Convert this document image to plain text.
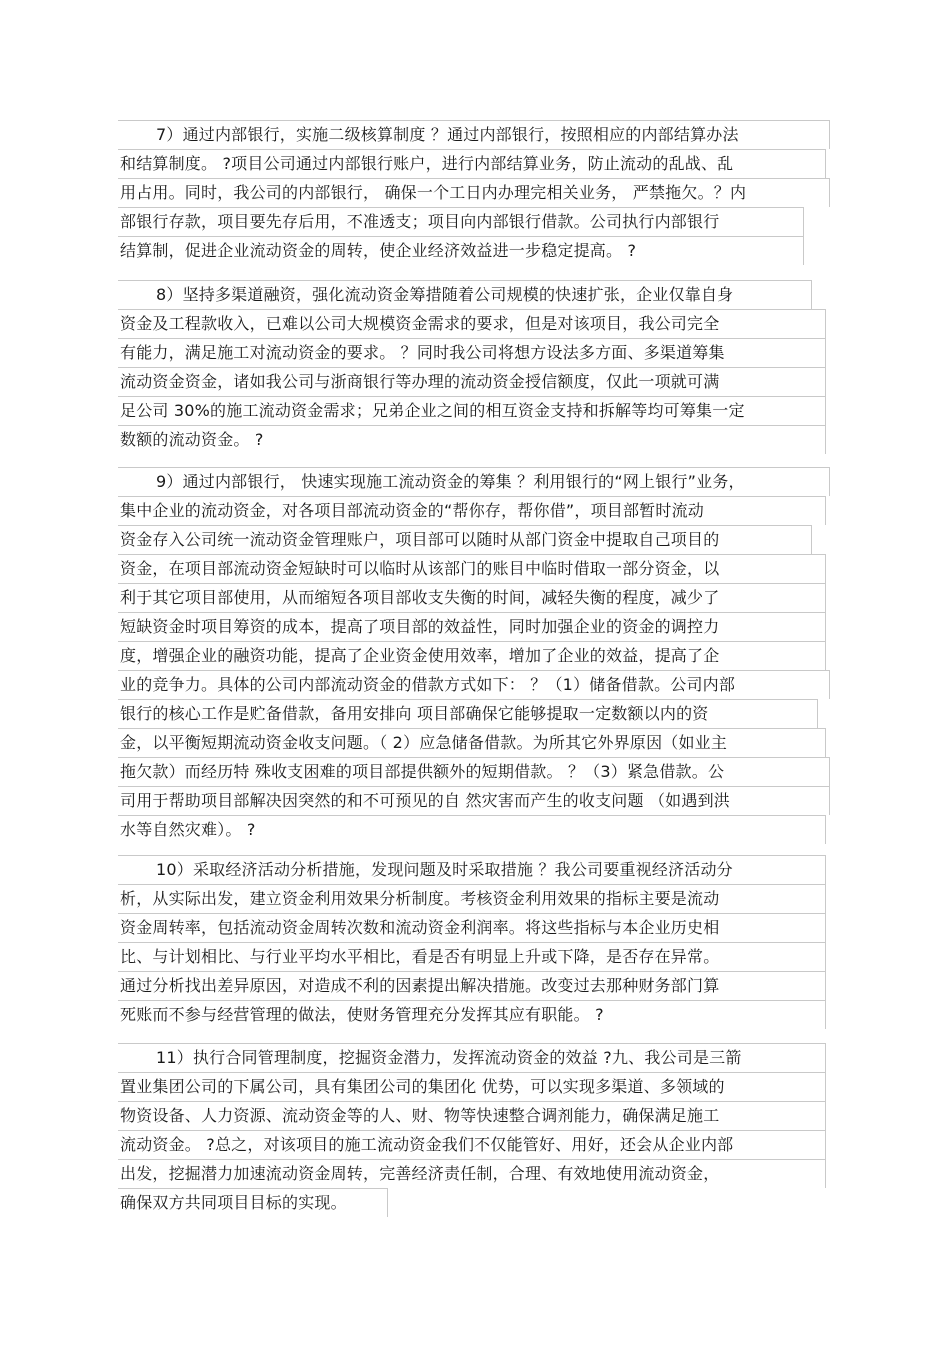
7）通过内部银行，实施二级核算制度 ？通过内部银行，按照相应的内部结算办法
和结算制度。 ?项目公司通过内部银行账户，进行内部结算业务，防止流动的乱战、乱
用占用。同时，我公司的内部银行， 确保一个工日内办理完相关业务， 严禁拖欠。？内
部银行存款，项目要先存后用，不准透支；项目向内部银行借款。公司执行内部银行
结算制，促进企业流动资金的周转，使企业经济效益进一步稳定提高。 ?
8）坚持多渠道融资，强化流动资金筹措随着公司规模的快速扩张，企业仅靠自身
资金及工程款收入，已难以公司大规模资金需求的要求，但是对该项目，我公司完全
有能力，满足施工对流动资金的要求。 ？同时我公司将想方设法多方面、多渠道筹集
流动资金资金，诸如我公司与浙商银行等办理的流动资金授信额度，仅此一项就可满
足公司 30%的施工流动资金需求；兄弟企业之间的相互资金支持和拆解等均可筹集一定
数额的流动资金。 ?
9）通过内部银行， 快速实现施工流动资金的筹集 ？利用银行的“网上银行”业务，
集中企业的流动资金，对各项目部流动资金的“帮你存，帮你借”，项目部暂时流动
资金存入公司统一流动资金管理账户，项目部可以随时从部门资金中提取自己项目的
资金，在项目部流动资金短缺时可以临时从该部门的账目中临时借取一部分资金，以
利于其它项目部使用，从而缩短各项目部收支失衡的时间，减轻失衡的程度，减少了
短缺资金时项目筹资的成本，提高了项目部的效益性，同时加强企业的资金的调控力
度，增强企业的融资功能，提高了企业资金使用效率，增加了企业的效益，提高了企
业的竞争力。具体的公司内部流动资金的借款方式如下： ？（1）储备借款。公司内部
银行的核心工作是贮备借款，备用安排向 项目部确保它能够提取一定数额以内的资
金，以平衡短期流动资金收支问题。（ 2）应急储备借款。为所其它外界原因（如业主
拖欠款）而经历特 殊收支困难的项目部提供额外的短期借款。 ？（3）紧急借款。公
司用于帮助项目部解决因突然的和不可预见的自 然灾害而产生的收支问题 （如遇到洪
水等自然灾难）。 ?
10）采取经济活动分析措施，发现问题及时采取措施 ？我公司要重视经济活动分
析，从实际出发，建立资金利用效果分析制度。考核资金利用效果的指标主要是流动
资金周转率，包括流动资金周转次数和流动资金利润率。将这些指标与本企业历史相
比、与计划相比、与行业平均水平相比，看是否有明显上升或下降，是否存在异常。
通过分析找出差异原因，对造成不利的因素提出解决措施。改变过去那种财务部门算
死账而不参与经营管理的做法，使财务管理充分发挥其应有职能。 ?
11）执行合同管理制度，挖掘资金潜力，发挥流动资金的效益 ?九、我公司是三箭
置业集团公司的下属公司，具有集团公司的集团化 优势，可以实现多渠道、多领域的
物资设备、人力资源、流动资金等的人、财、物等快速整合调剂能力，确保满足施工
流动资金。 ?总之，对该项目的施工流动资金我们不仅能管好、用好，还会从企业内部
出发，挖掘潜力加速流动资金周转，完善经济责任制，合理、有效地使用流动资金，
确保双方共同项目目标的实现。
